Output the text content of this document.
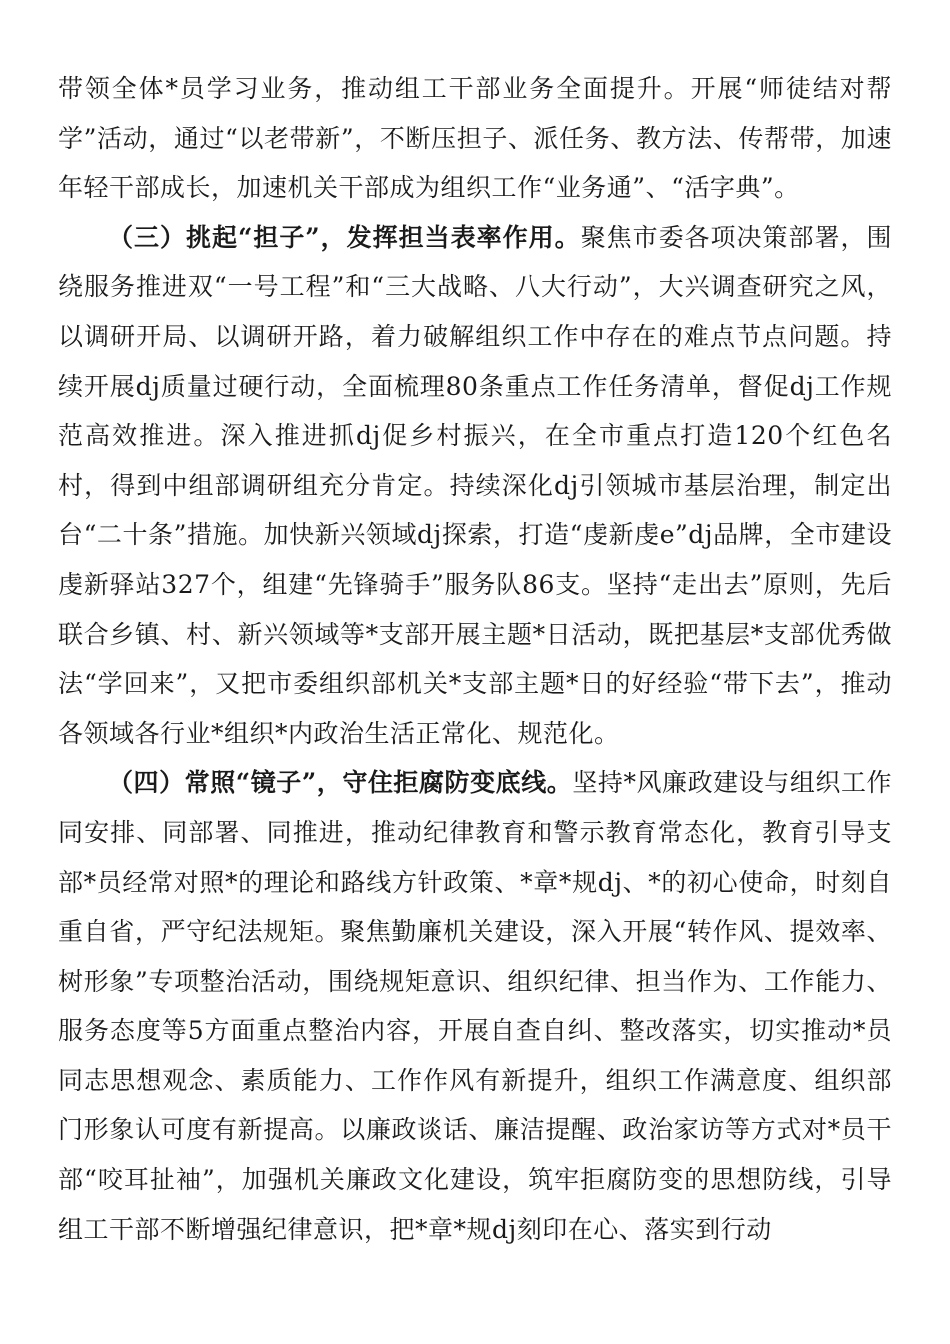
带领全体*员学习业务，推动组工干部业务全面提升。开展“师徒结对帮学”活动，通过“以老带新”，不断压担子、派任务、教方法、传帮带，加速年轻干部成长，加速机关干部成为组织工作“业务通”、“活字典”。

（三）挑起“担子”，发挥担当表率作用。聚焦市委各项决策部署，围绕服务推进双“一号工程”和“三大战略、八大行动”，大兴调查研究之风，以调研开局、以调研开路，着力破解组织工作中存在的难点节点问题。持续开展dj质量过硬行动，全面梳理80条重点工作任务清单，督促dj工作规范高效推进。深入推进抓dj促乡村振兴，在全市重点打造120个红色名村，得到中组部调研组充分肯定。持续深化dj引领城市基层治理，制定出台“二十条”措施。加快新兴领域dj探索，打造“虔新虔e”dj品牌，全市建设虔新驿站327个，组建“先锋骑手”服务队86支。坚持“走出去”原则，先后联合乡镇、村、新兴领域等*支部开展主题*日活动，既把基层*支部优秀做法“学回来”，又把市委组织部机关*支部主题*日的好经验“带下去”，推动各领域各行业*组织*内政治生活正常化、规范化。

（四）常照“镜子”，守住拒腐防变底线。坚持*风廉政建设与组织工作同安排、同部署、同推进，推动纪律教育和警示教育常态化，教育引导支部*员经常对照*的理论和路线方针政策、*章*规dj、*的初心使命，时刻自重自省，严守纪法规矩。聚焦勤廉机关建设，深入开展“转作风、提效率、树形象”专项整治活动，围绕规矩意识、组织纪律、担当作为、工作能力、服务态度等5方面重点整治内容，开展自查自纠、整改落实，切实推动*员同志思想观念、素质能力、工作作风有新提升，组织工作满意度、组织部门形象认可度有新提高。以廉政谈话、廉洁提醒、政治家访等方式对*员干部“咬耳扯袖”，加强机关廉政文化建设，筑牢拒腐防变的思想防线，引导组工干部不断增强纪律意识，把*章*规dj刻印在心、落实到行动
